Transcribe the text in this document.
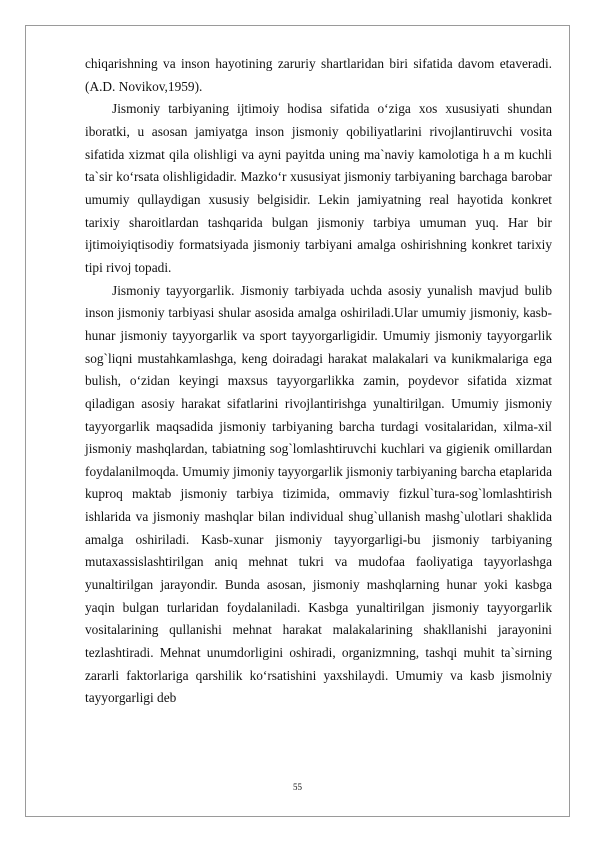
chiqarishning va inson hayotining zaruriy shartlaridan biri sifatida davom etaveradi.(A.D. Novikov,1959).

Jismoniy tarbiyaning ijtimoiy hodisa sifatida o‘ziga xos xususiyati shundan iboratki, u asosan jamiyatga inson jismoniy qobiliyatlarini rivojlantiruvchi vosita sifatida xizmat qila olishligi va ayni payitda uning ma`naviy kamolotiga h a m kuchli ta`sir ko‘rsata olishligidadir. Mazko‘r xususiyat jismoniy tarbiyaning barchaga barobar umumiy qullaydigan xususiy belgisidir. Lekin jamiyatning real hayotida konkret tarixiy sharoitlardan tashqarida bulgan jismoniy tarbiya umuman yuq. Har bir ijtimoiyiqtisodiy formatsiyada jismoniy tarbiyani amalga oshirishning konkret tarixiy tipi rivoj topadi.

Jismoniy tayyorgarlik. Jismoniy tarbiyada uchda asosiy yunalish mavjud bulib inson jismoniy tarbiyasi shular asosida amalga oshiriladi.Ular umumiy jismoniy, kasb- hunar jismoniy tayyorgarlik va sport tayyorgarligidir. Umumiy jismoniy tayyorgarlik sog`liqni mustahkamlashga, keng doiradagi harakat malakalari va kunikmalariga ega bulish, o‘zidan keyingi maxsus tayyorgarlikka zamin, poydevor sifatida xizmat qiladigan asosiy harakat sifatlarini rivojlantirishga yunaltirilgan. Umumiy jismoniy tayyorgarlik maqsadida jismoniy tarbiyaning barcha turdagi vositalaridan, xilma-xil jismoniy mashqlardan, tabiatning sog`lomlashtiruvchi kuchlari va gigienik omillardan foydalanilmoqda. Umumiy jimoniy tayyorgarlik jismoniy tarbiyaning barcha etaplarida kuproq maktab jismoniy tarbiya tizimida, ommaviy fizkul`tura-sog`lomlashtirish ishlarida va jismoniy mashqlar bilan individual shug`ullanish mashg`ulotlari shaklida amalga oshiriladi. Kasb-xunar jismoniy tayyorgarligi-bu jismoniy tarbiyaning mutaxassislashtirilgan aniq mehnat tukri va mudofaa faoliyatiga tayyorlashga yunaltirilgan jarayondir. Bunda asosan, jismoniy mashqlarning hunar yoki kasbga yaqin bulgan turlaridan foydalaniladi. Kasbga yunaltirilgan jismoniy tayyorgarlik vositalarining qullanishi mehnat harakat malakalarining shakllanishi jarayonini tezlashtiradi. Mehnat unumdorligini oshiradi, organizmning, tashqi muhit ta`sirning zararli faktorlariga qarshilik ko‘rsatishini yaxshilaydi. Umumiy va kasb jismolniy tayyorgarligi deb

55
